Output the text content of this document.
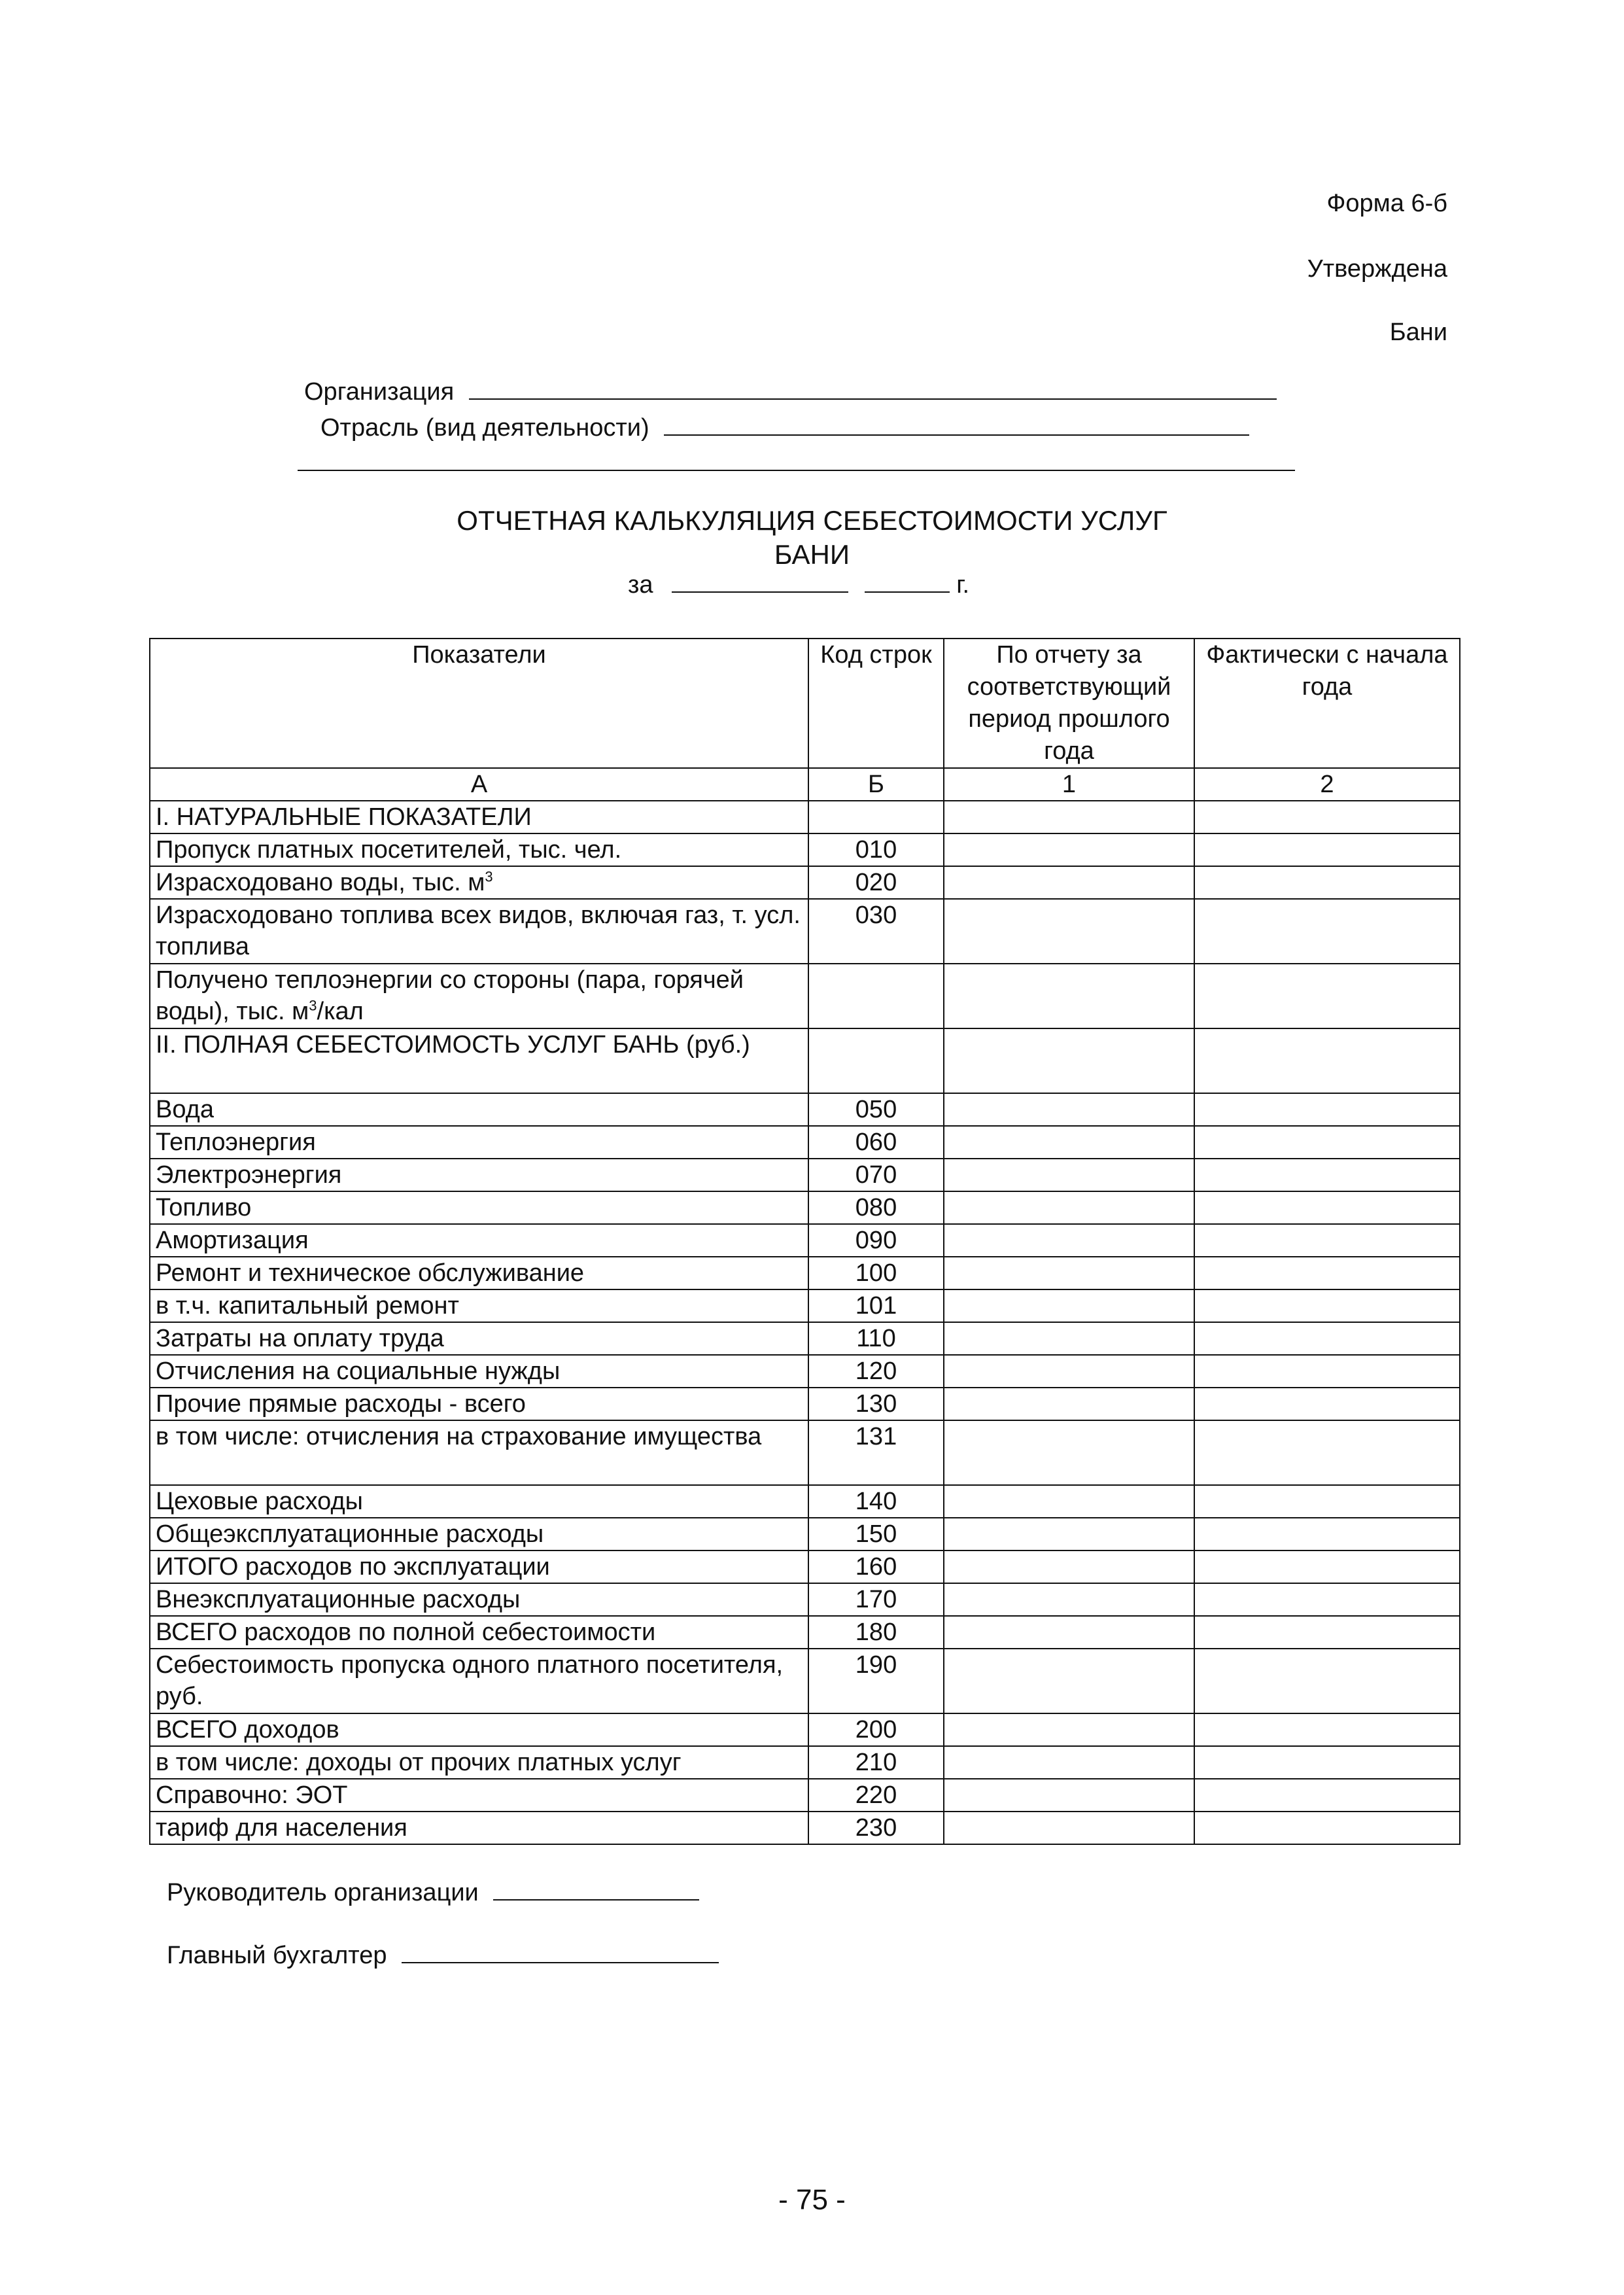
Форма 6-б
Утверждена
Бани
Организация
Отрасль (вид деятельности)
ОТЧЕТНАЯ КАЛЬКУЛЯЦИЯ СЕБЕСТОИМОСТИ УСЛУГ
БАНИ
за	г.
Показатели	Код строк	По отчету за соответствующий период прошлого года	Фактически с начала года
А	Б	1	2
I. НАТУРАЛЬНЫЕ ПОКАЗАТЕЛИ			
Пропуск платных посетителей, тыс. чел.	010		
Израсходовано воды, тыс. $м^3$	020		
Израсходовано топлива всех видов, включая газ, т. усл. топлива	030		
Получено теплоэнергии со стороны (пара, горячей воды), тыс. $м^3$/кал			
II. ПОЛНАЯ СЕБЕСТОИМОСТЬ УСЛУГ БАНЬ (руб.)			
Вода	050		
Теплоэнергия	060		
Электроэнергия	070		
Топливо	080		
Амортизация	090		
Ремонт и техническое обслуживание	100		
в т.ч. капитальный ремонт	101		
Затраты на оплату труда	110		
Отчисления на социальные нужды	120		
Прочие прямые расходы - всего	130		
в том числе: отчисления на страхование имущества	131		
Цеховые расходы	140		
Общеэксплуатационные расходы	150		
ИТОГО расходов по эксплуатации	160		
Внеэксплуатационные расходы	170		
ВСЕГО расходов по полной себестоимости	180		
Себестоимость пропуска одного платного посетителя, руб.	190		
ВСЕГО доходов	200		
в том числе: доходы от прочих платных услуг	210		
Справочно: ЭОТ	220		
тариф для населения	230		
Руководитель организации
Главный бухгалтер
- 75 -
